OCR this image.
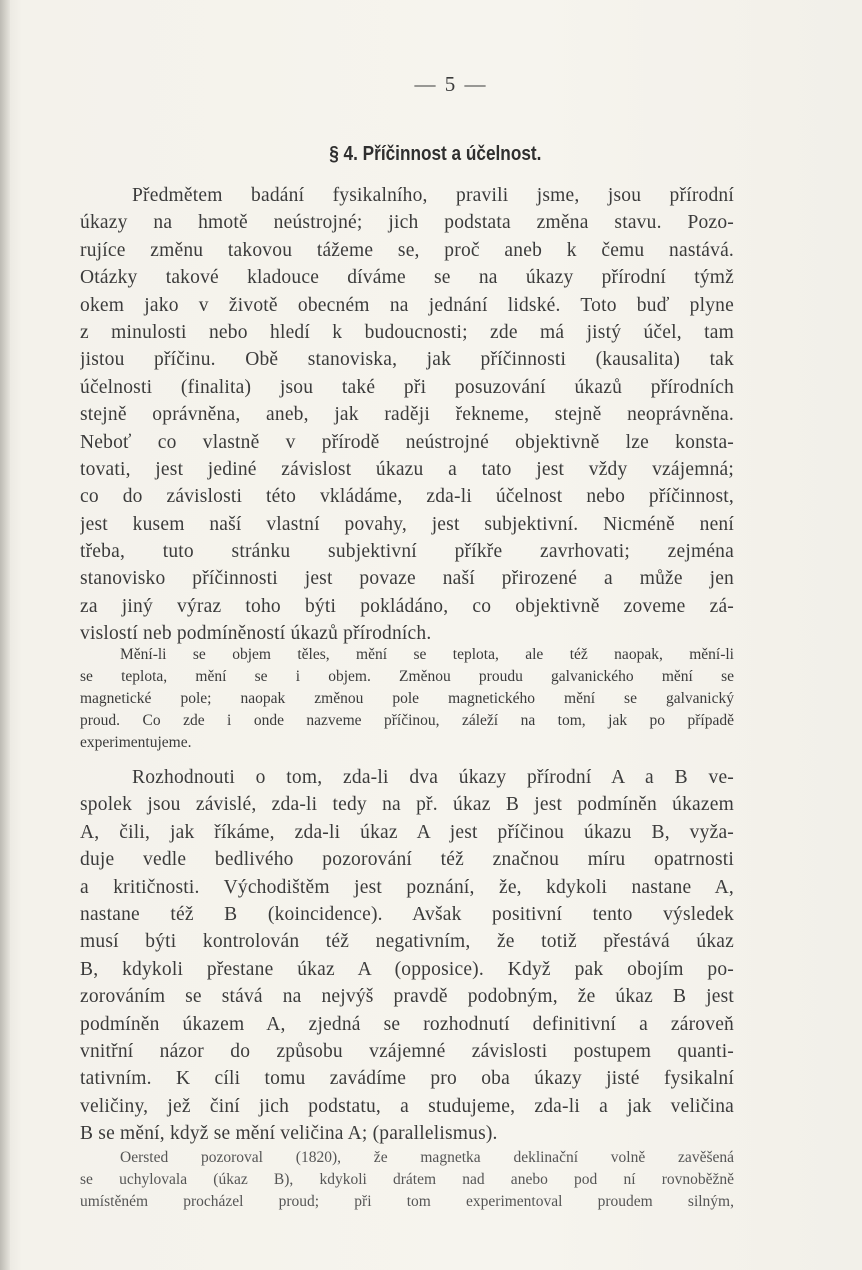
— 5 —
§ 4. Příčinnost a účelnost.
Předmětem badání fysikalního, pravili jsme, jsou přírodní
úkazy na hmotě neústrojné; jich podstata změna stavu. Pozo-
rujíce změnu takovou tážeme se, proč aneb k čemu nastává.
Otázky takové kladouce díváme se na úkazy přírodní týmž
okem jako v životě obecném na jednání lidské. Toto buď plyne
z minulosti nebo hledí k budoucnosti; zde má jistý účel, tam
jistou příčinu. Obě stanoviska, jak příčinnosti (kausalita) tak
účelnosti (finalita) jsou také při posuzování úkazů přírodních
stejně oprávněna, aneb, jak raději řekneme, stejně neoprávněna.
Neboť co vlastně v přírodě neústrojné objektivně lze konsta-
tovati, jest jediné závislost úkazu a tato jest vždy vzájemná;
co do závislosti této vkládáme, zda-li účelnost nebo příčinnost,
jest kusem naší vlastní povahy, jest subjektivní. Nicméně není
třeba, tuto stránku subjektivní příkře zavrhovati; zejména
stanovisko příčinnosti jest povaze naší přirozené a může jen
za jiný výraz toho býti pokládáno, co objektivně zoveme zá-
vislostí neb podmíněností úkazů přírodních.
Mění-li se objem těles, mění se teplota, ale též naopak, mění-li
se teplota, mění se i objem. Změnou proudu galvanického mění se
magnetické pole; naopak změnou pole magnetického mění se galvanický
proud. Co zde i onde nazveme příčinou, záleží na tom, jak po případě
experimentujeme.
Rozhodnouti o tom, zda-li dva úkazy přírodní A a B ve-
spolek jsou závislé, zda-li tedy na př. úkaz B jest podmíněn úkazem
A, čili, jak říkáme, zda-li úkaz A jest příčinou úkazu B, vyža-
duje vedle bedlivého pozorování též značnou míru opatrnosti
a kritičnosti. Východištěm jest poznání, že, kdykoli nastane A,
nastane též B (koincidence). Avšak positivní tento výsledek
musí býti kontrolován též negativním, že totiž přestává úkaz
B, kdykoli přestane úkaz A (opposice). Když pak obojím po-
zorováním se stává na nejvýš pravdě podobným, že úkaz B jest
podmíněn úkazem A, zjedná se rozhodnutí definitivní a zároveň
vnitřní názor do způsobu vzájemné závislosti postupem quanti-
tativním. K cíli tomu zavádíme pro oba úkazy jisté fysikalní
veličiny, jež činí jich podstatu, a studujeme, zda-li a jak veličina
B se mění, když se mění veličina A; (parallelismus).
Oersted pozoroval (1820), že magnetka deklinační volně zavěšená
se uchylovala (úkaz B), kdykoli drátem nad anebo pod ní rovnoběžně
umístěném procházel proud; při tom experimentoval proudem silným,
